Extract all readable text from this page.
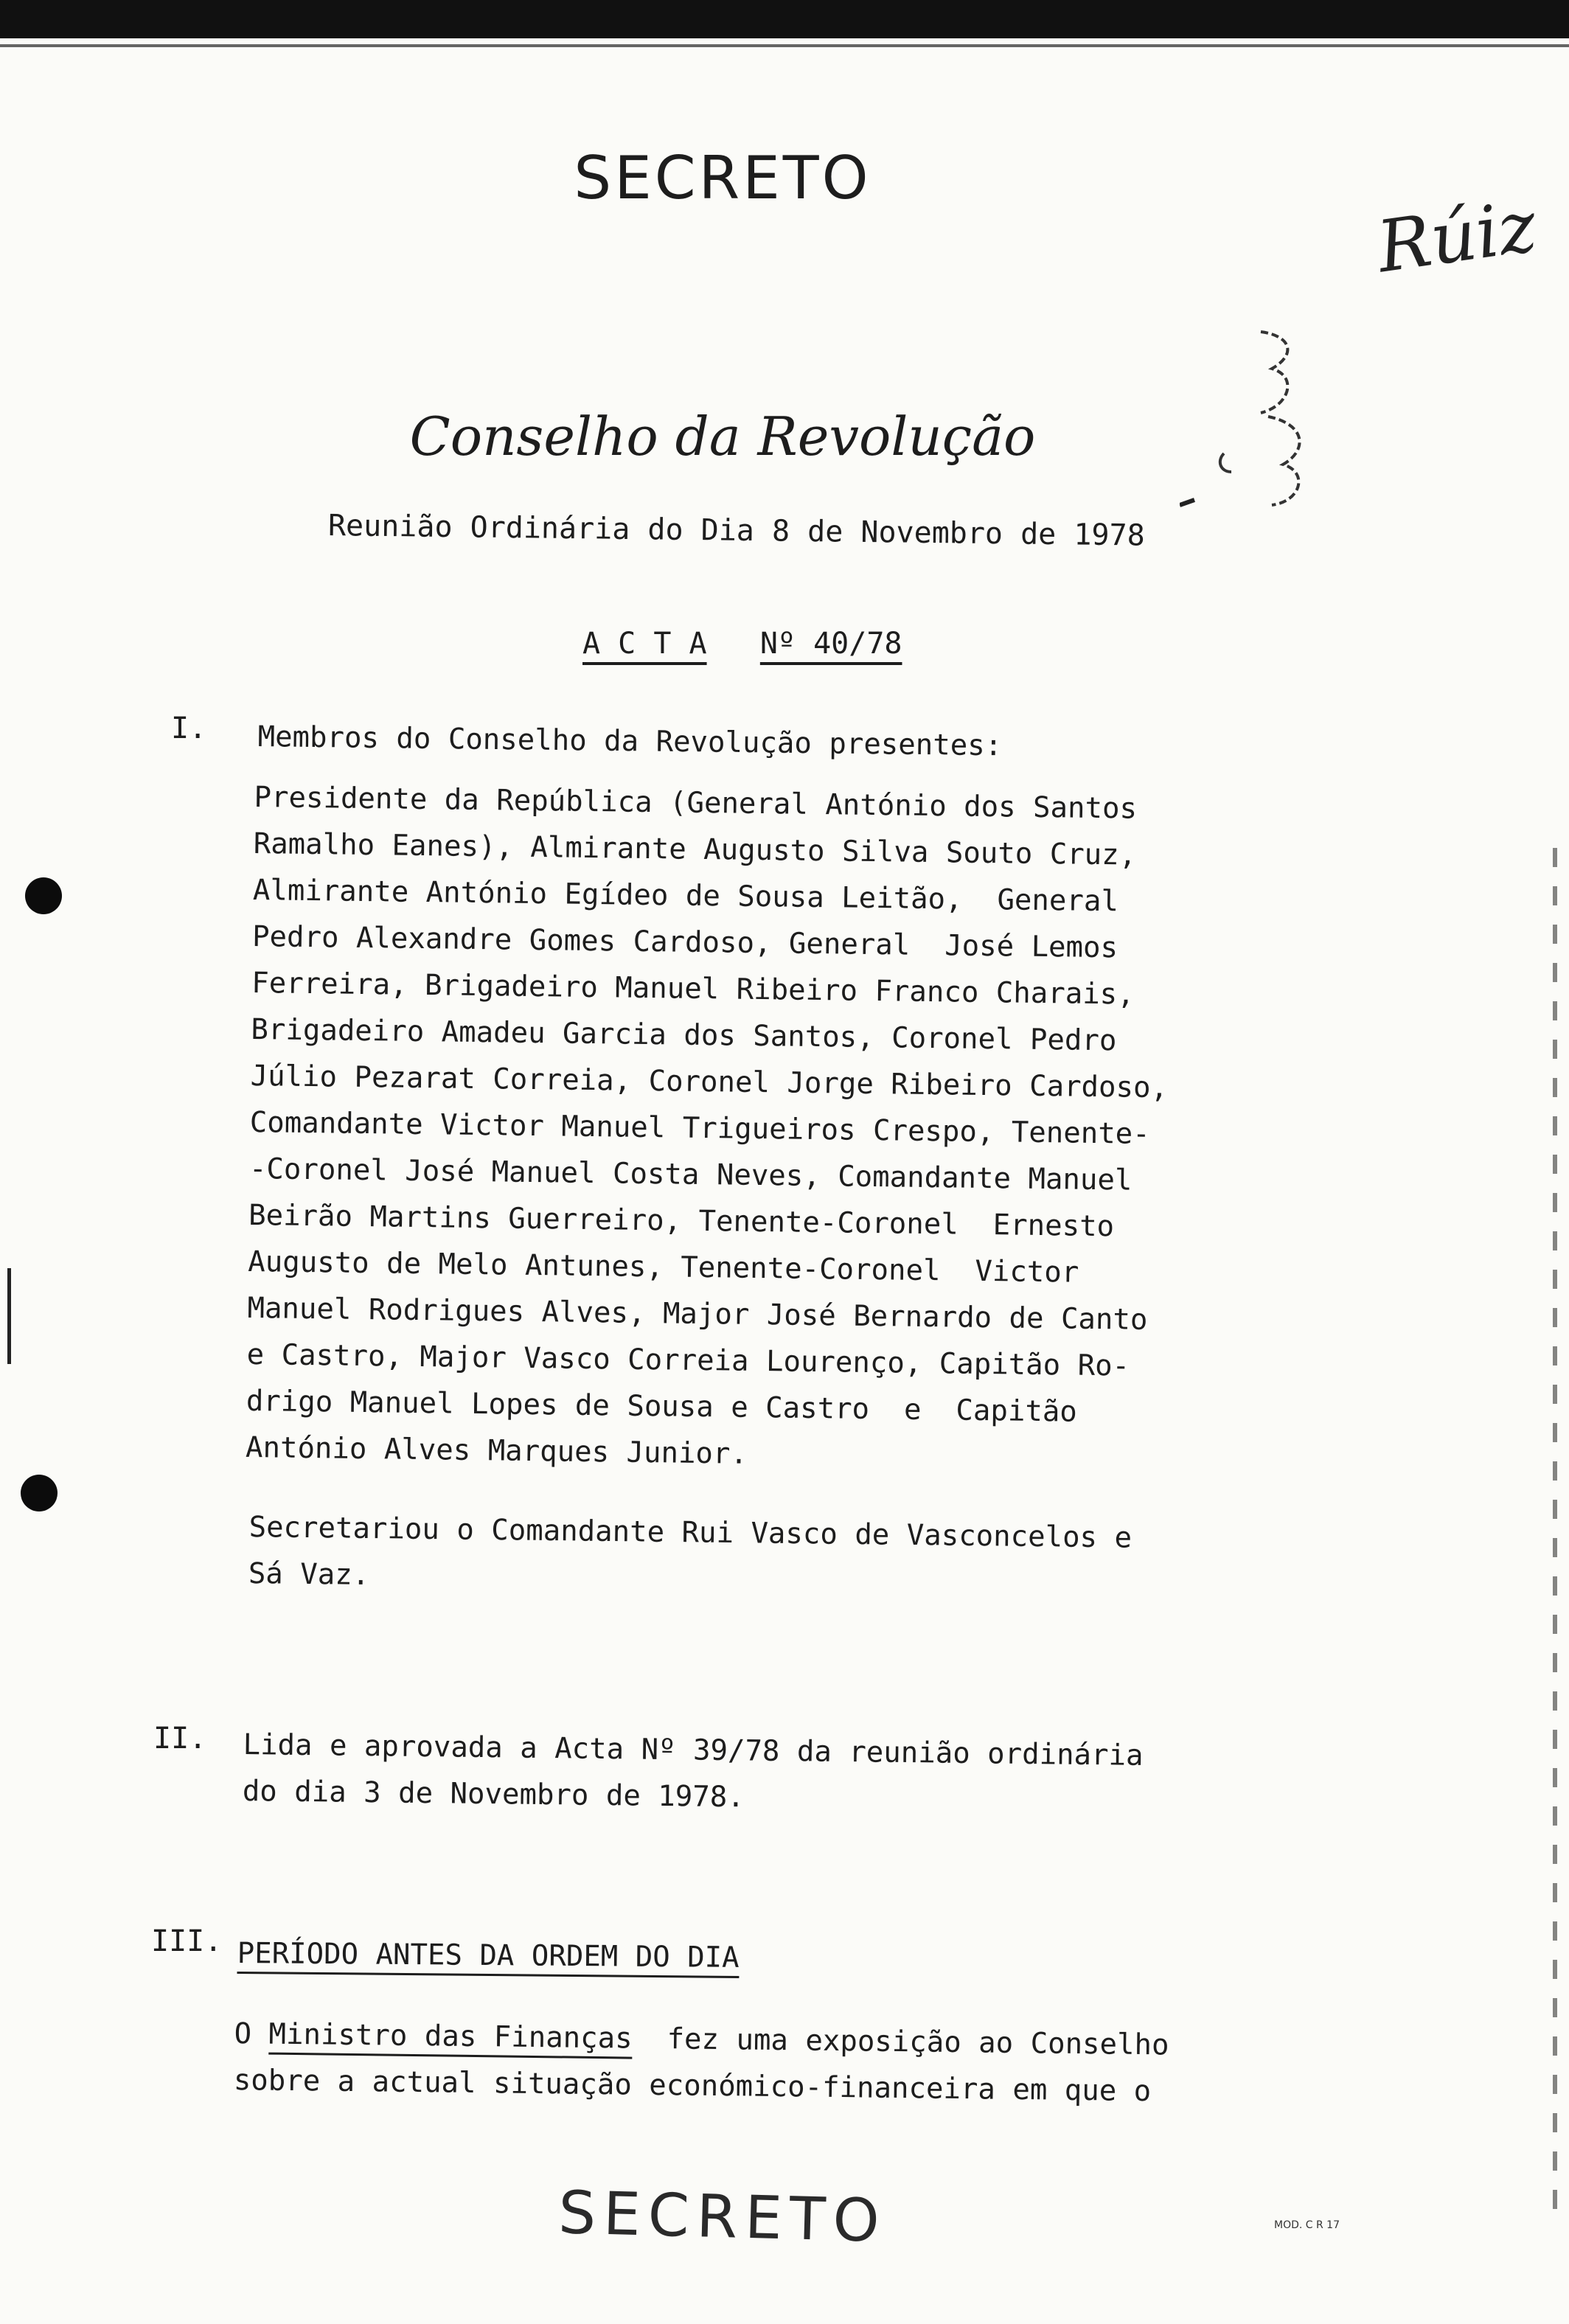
SECRETO
Rúiz
Conselho da Revolução
Reunião Ordinária do Dia 8 de Novembro de 1978
A C T A Nº 40/78
I. Membros do Conselho da Revolução presentes:
Presidente da República (General António dos Santos
Ramalho Eanes), Almirante Augusto Silva Souto Cruz,
Almirante António Egídeo de Sousa Leitão,  General
Pedro Alexandre Gomes Cardoso, General  José Lemos
Ferreira, Brigadeiro Manuel Ribeiro Franco Charais,
Brigadeiro Amadeu Garcia dos Santos, Coronel Pedro
Júlio Pezarat Correia, Coronel Jorge Ribeiro Cardoso,
Comandante Victor Manuel Trigueiros Crespo, Tenente-
-Coronel José Manuel Costa Neves, Comandante Manuel
Beirão Martins Guerreiro, Tenente-Coronel  Ernesto
Augusto de Melo Antunes, Tenente-Coronel  Victor
Manuel Rodrigues Alves, Major José Bernardo de Canto
e Castro, Major Vasco Correia Lourenço, Capitão Ro-
drigo Manuel Lopes de Sousa e Castro  e  Capitão
António Alves Marques Junior.
Secretariou o Comandante Rui Vasco de Vasconcelos e
Sá Vaz.
II. Lida e aprovada a Acta Nº 39/78 da reunião ordinária
do dia 3 de Novembro de 1978.
III. PERÍODO ANTES DA ORDEM DO DIA
O Ministro das Finanças  fez uma exposição ao Conselho
sobre a actual situação económico-financeira em que o
SECRETO	MOD. C R 17
